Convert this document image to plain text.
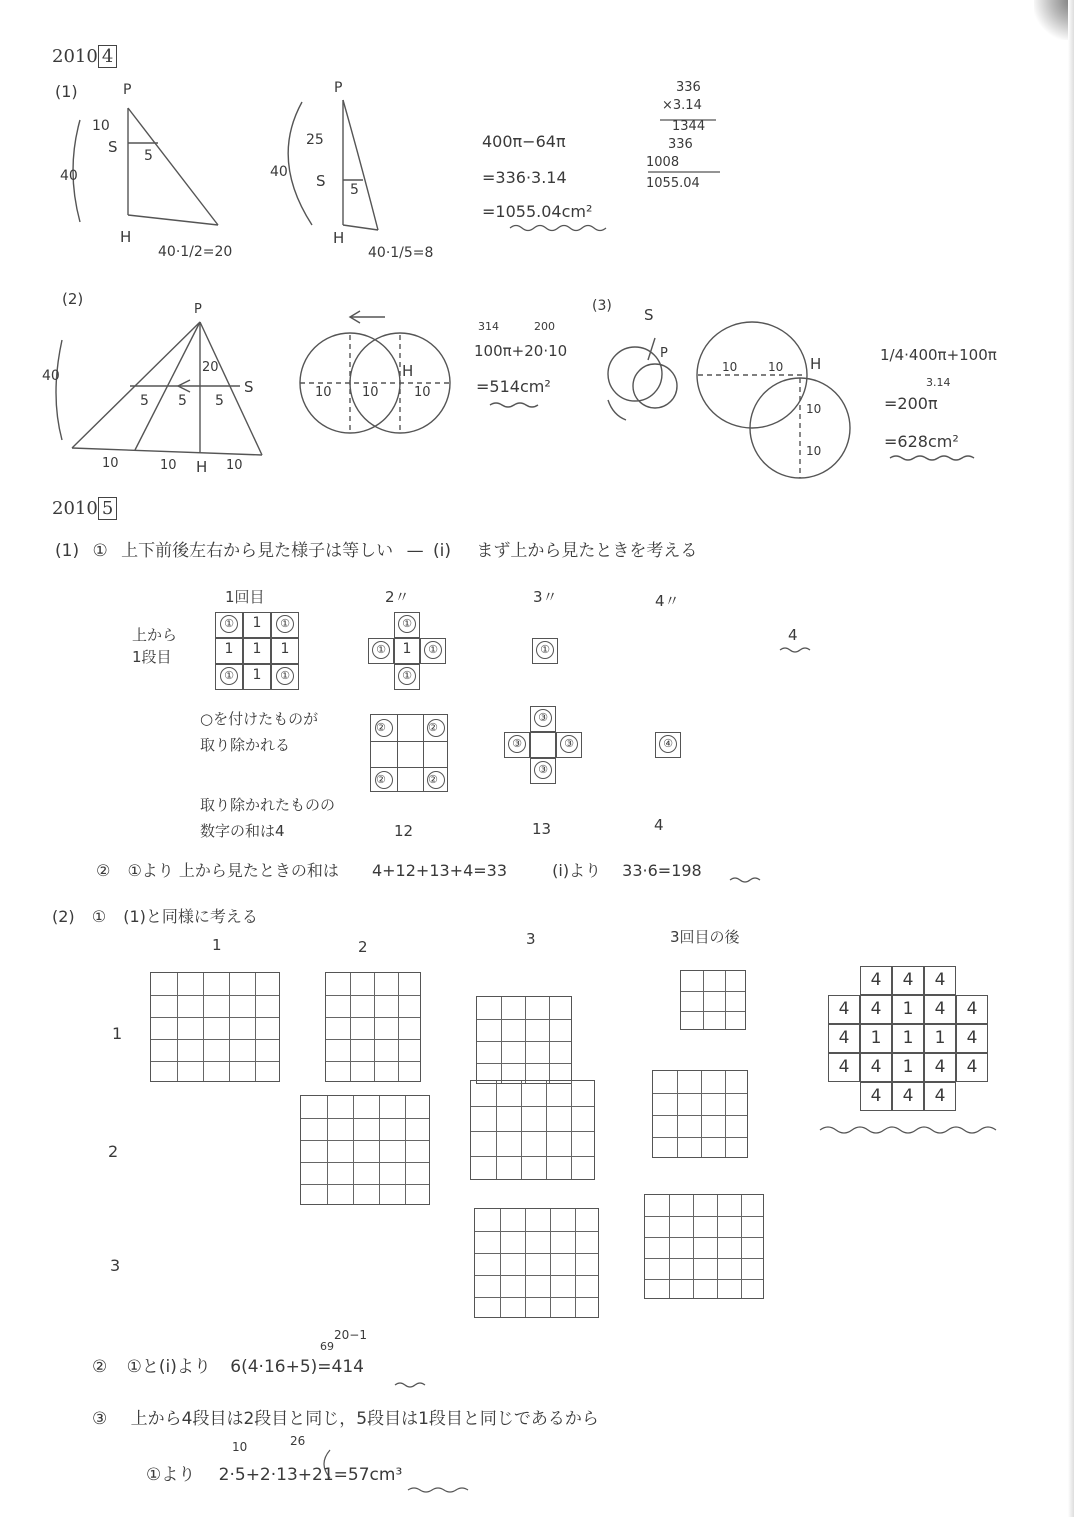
2010 4
(1)	P
10
S 5
40
H
40·1/2=20
P
25
S 5
40
H
40·1/5=8
400π−64π
=336·3.14
=1055.04cm²
336
×3.14
1344
336
1008
1055.04
(2)
P
20
S
5 5 5
40
10	10 H 10
10 10
H
10
314	200
100π+20·10
=514cm²
(3) S
P
10	10 H
10
10
1/4·400π+100π
3.14
=200π
=628cm²
2010 5
(1) ① 上下前後左右から見た様子は等しい — (i) まず上から見たときを考える
1回目	2〃	3〃	4〃
上から
1段目
4
①	1	①
1	1	1
①	1	①
①
①	1	①
①
①
○を付けたものが
取り除かれる
②	②
②	②
③
③	③
③
④
取り除かれたものの
数字の和は4	12	13	4
② ①より 上から見たときの和は 4+12+13+4=33	(i)より 33·6=198
(2) ① (1)と同様に考える
1	2	3	3回目の後
1
2
3
4	4	4
4	4	1	4	4
4	1	1	1	4
4	4	1	4	4
4	4	4
20−1
69
② ①と(i)より 6(4·16+5)=414
③ 上から4段目は2段目と同じ，5段目は1段目と同じであるから
10	26
①より 2·5+2·13+21=57cm³
